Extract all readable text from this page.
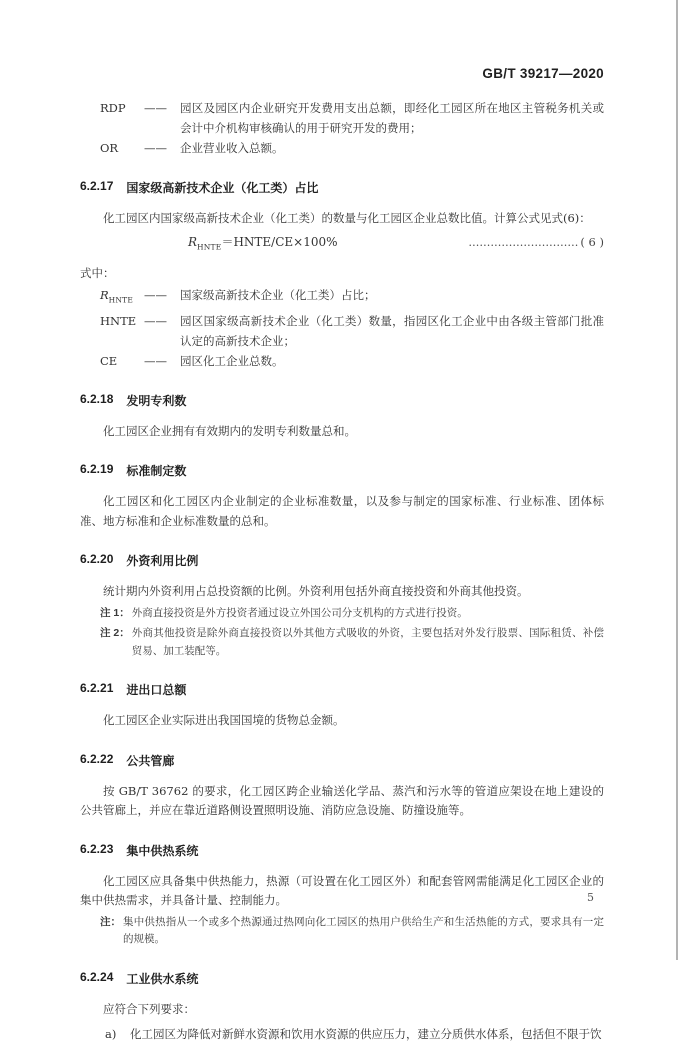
GB/T 39217—2020
RDP	——	园区及园区内企业研究开发费用支出总额，即经化工园区所在地区主管税务机关或会计中介机构审核确认的用于研究开发的费用；
OR	——	企业营业收入总额。
6.2.17 国家级高新技术企业（化工类）占比

化工园区内国家级高新技术企业（化工类）的数量与化工园区企业总数比值。计算公式见式(6)：

$R_{HNTE}=HNTE/CE\times 100\%$	………………………… ( 6 )

式中：

$R_{HNTE}$ ——	国家级高新技术企业（化工类）占比；
HNTE ——	园区国家级高新技术企业（化工类）数量，指园区化工企业中由各级主管部门批准认定的高新技术企业；
CE	——	园区化工企业总数。
6.2.18 发明专利数

化工园区企业拥有有效期内的发明专利数量总和。

6.2.19 标准制定数

化工园区和化工园区内企业制定的企业标准数量，以及参与制定的国家标准、行业标准、团体标准、地方标准和企业标准数量的总和。

6.2.20 外资利用比例

统计期内外资利用占总投资额的比例。外资利用包括外商直接投资和外商其他投资。

注 1： 外商直接投资是外方投资者通过设立外国公司分支机构的方式进行投资。
注 2： 外商其他投资是除外商直接投资以外其他方式吸收的外资，主要包括对外发行股票、国际租赁、补偿贸易、加工装配等。
6.2.21 进出口总额

化工园区企业实际进出我国国境的货物总金额。

6.2.22 公共管廊

按 GB/T 36762 的要求，化工园区跨企业输送化学品、蒸汽和污水等的管道应架设在地上建设的公共管廊上，并应在靠近道路侧设置照明设施、消防应急设施、防撞设施等。

6.2.23 集中供热系统

化工园区应具备集中供热能力，热源（可设置在化工园区外）和配套管网需能满足化工园区企业的集中供热需求，并具备计量、控制能力。

注： 集中供热指从一个或多个热源通过热网向化工园区的热用户供给生产和生活热能的方式，要求具有一定的规模。
6.2.24 工业供水系统

应符合下列要求：

a)	化工园区为降低对新鲜水资源和饮用水资源的供应压力，建立分质供水体系，包括但不限于饮
5
